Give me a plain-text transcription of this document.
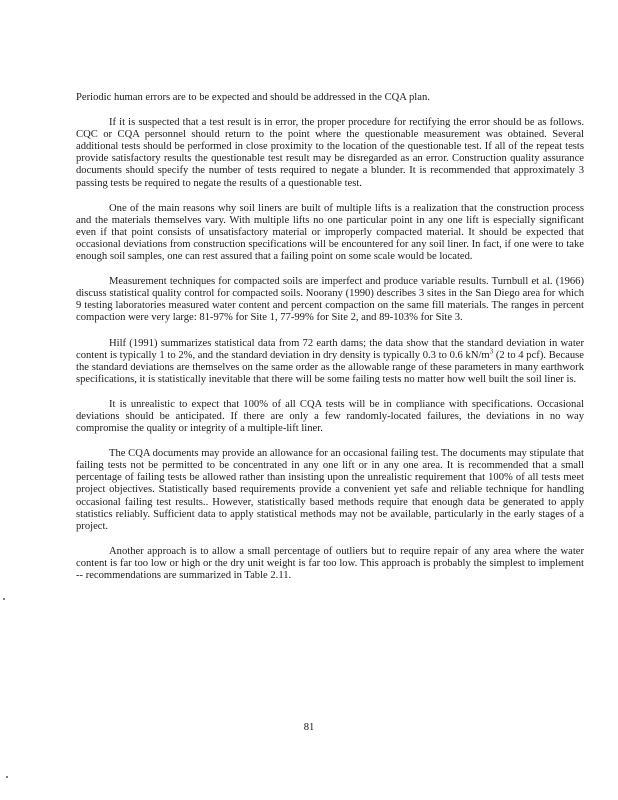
Periodic human errors are to be expected and should be addressed in the CQA plan.

If it is suspected that a test result is in error, the proper procedure for rectifying the error should be as follows. CQC or CQA personnel should return to the point where the questionable measurement was obtained. Several additional tests should be performed in close proximity to the location of the questionable test. If all of the repeat tests provide satisfactory results the questionable test result may be disregarded as an error. Construction quality assurance documents should specify the number of tests required to negate a blunder. It is recommended that approximately 3 passing tests be required to negate the results of a questionable test.

One of the main reasons why soil liners are built of multiple lifts is a realization that the construction process and the materials themselves vary. With multiple lifts no one particular point in any one lift is especially significant even if that point consists of unsatisfactory material or improperly compacted material. It should be expected that occasional deviations from construction specifications will be encountered for any soil liner. In fact, if one were to take enough soil samples, one can rest assured that a failing point on some scale would be located.

Measurement techniques for compacted soils are imperfect and produce variable results. Turnbull et al. (1966) discuss statistical quality control for compacted soils. Noorany (1990) describes 3 sites in the San Diego area for which 9 testing laboratories measured water content and percent compaction on the same fill materials. The ranges in percent compaction were very large: 81-97% for Site 1, 77-99% for Site 2, and 89-103% for Site 3.

Hilf (1991) summarizes statistical data from 72 earth dams; the data show that the standard deviation in water content is typically 1 to 2%, and the standard deviation in dry density is typically 0.3 to 0.6 $kN/m^3$ (2 to 4 pcf). Because the standard deviations are themselves on the same order as the allowable range of these parameters in many earthwork specifications, it is statistically inevitable that there will be some failing tests no matter how well built the soil liner is.

It is unrealistic to expect that 100% of all CQA tests will be in compliance with specifications. Occasional deviations should be anticipated. If there are only a few randomly-located failures, the deviations in no way compromise the quality or integrity of a multiple-lift liner.

The CQA documents may provide an allowance for an occasional failing test. The documents may stipulate that failing tests not be permitted to be concentrated in any one lift or in any one area. It is recommended that a small percentage of failing tests be allowed rather than insisting upon the unrealistic requirement that 100% of all tests meet project objectives. Statistically based requirements provide a convenient yet safe and reliable technique for handling occasional failing test results.. However, statistically based methods require that enough data be generated to apply statistics reliably. Sufficient data to apply statistical methods may not be available, particularly in the early stages of a project.

Another approach is to allow a small percentage of outliers but to require repair of any area where the water content is far too low or high or the dry unit weight is far too low. This approach is probably the simplest to implement -- recommendations are summarized in Table 2.11.

81
